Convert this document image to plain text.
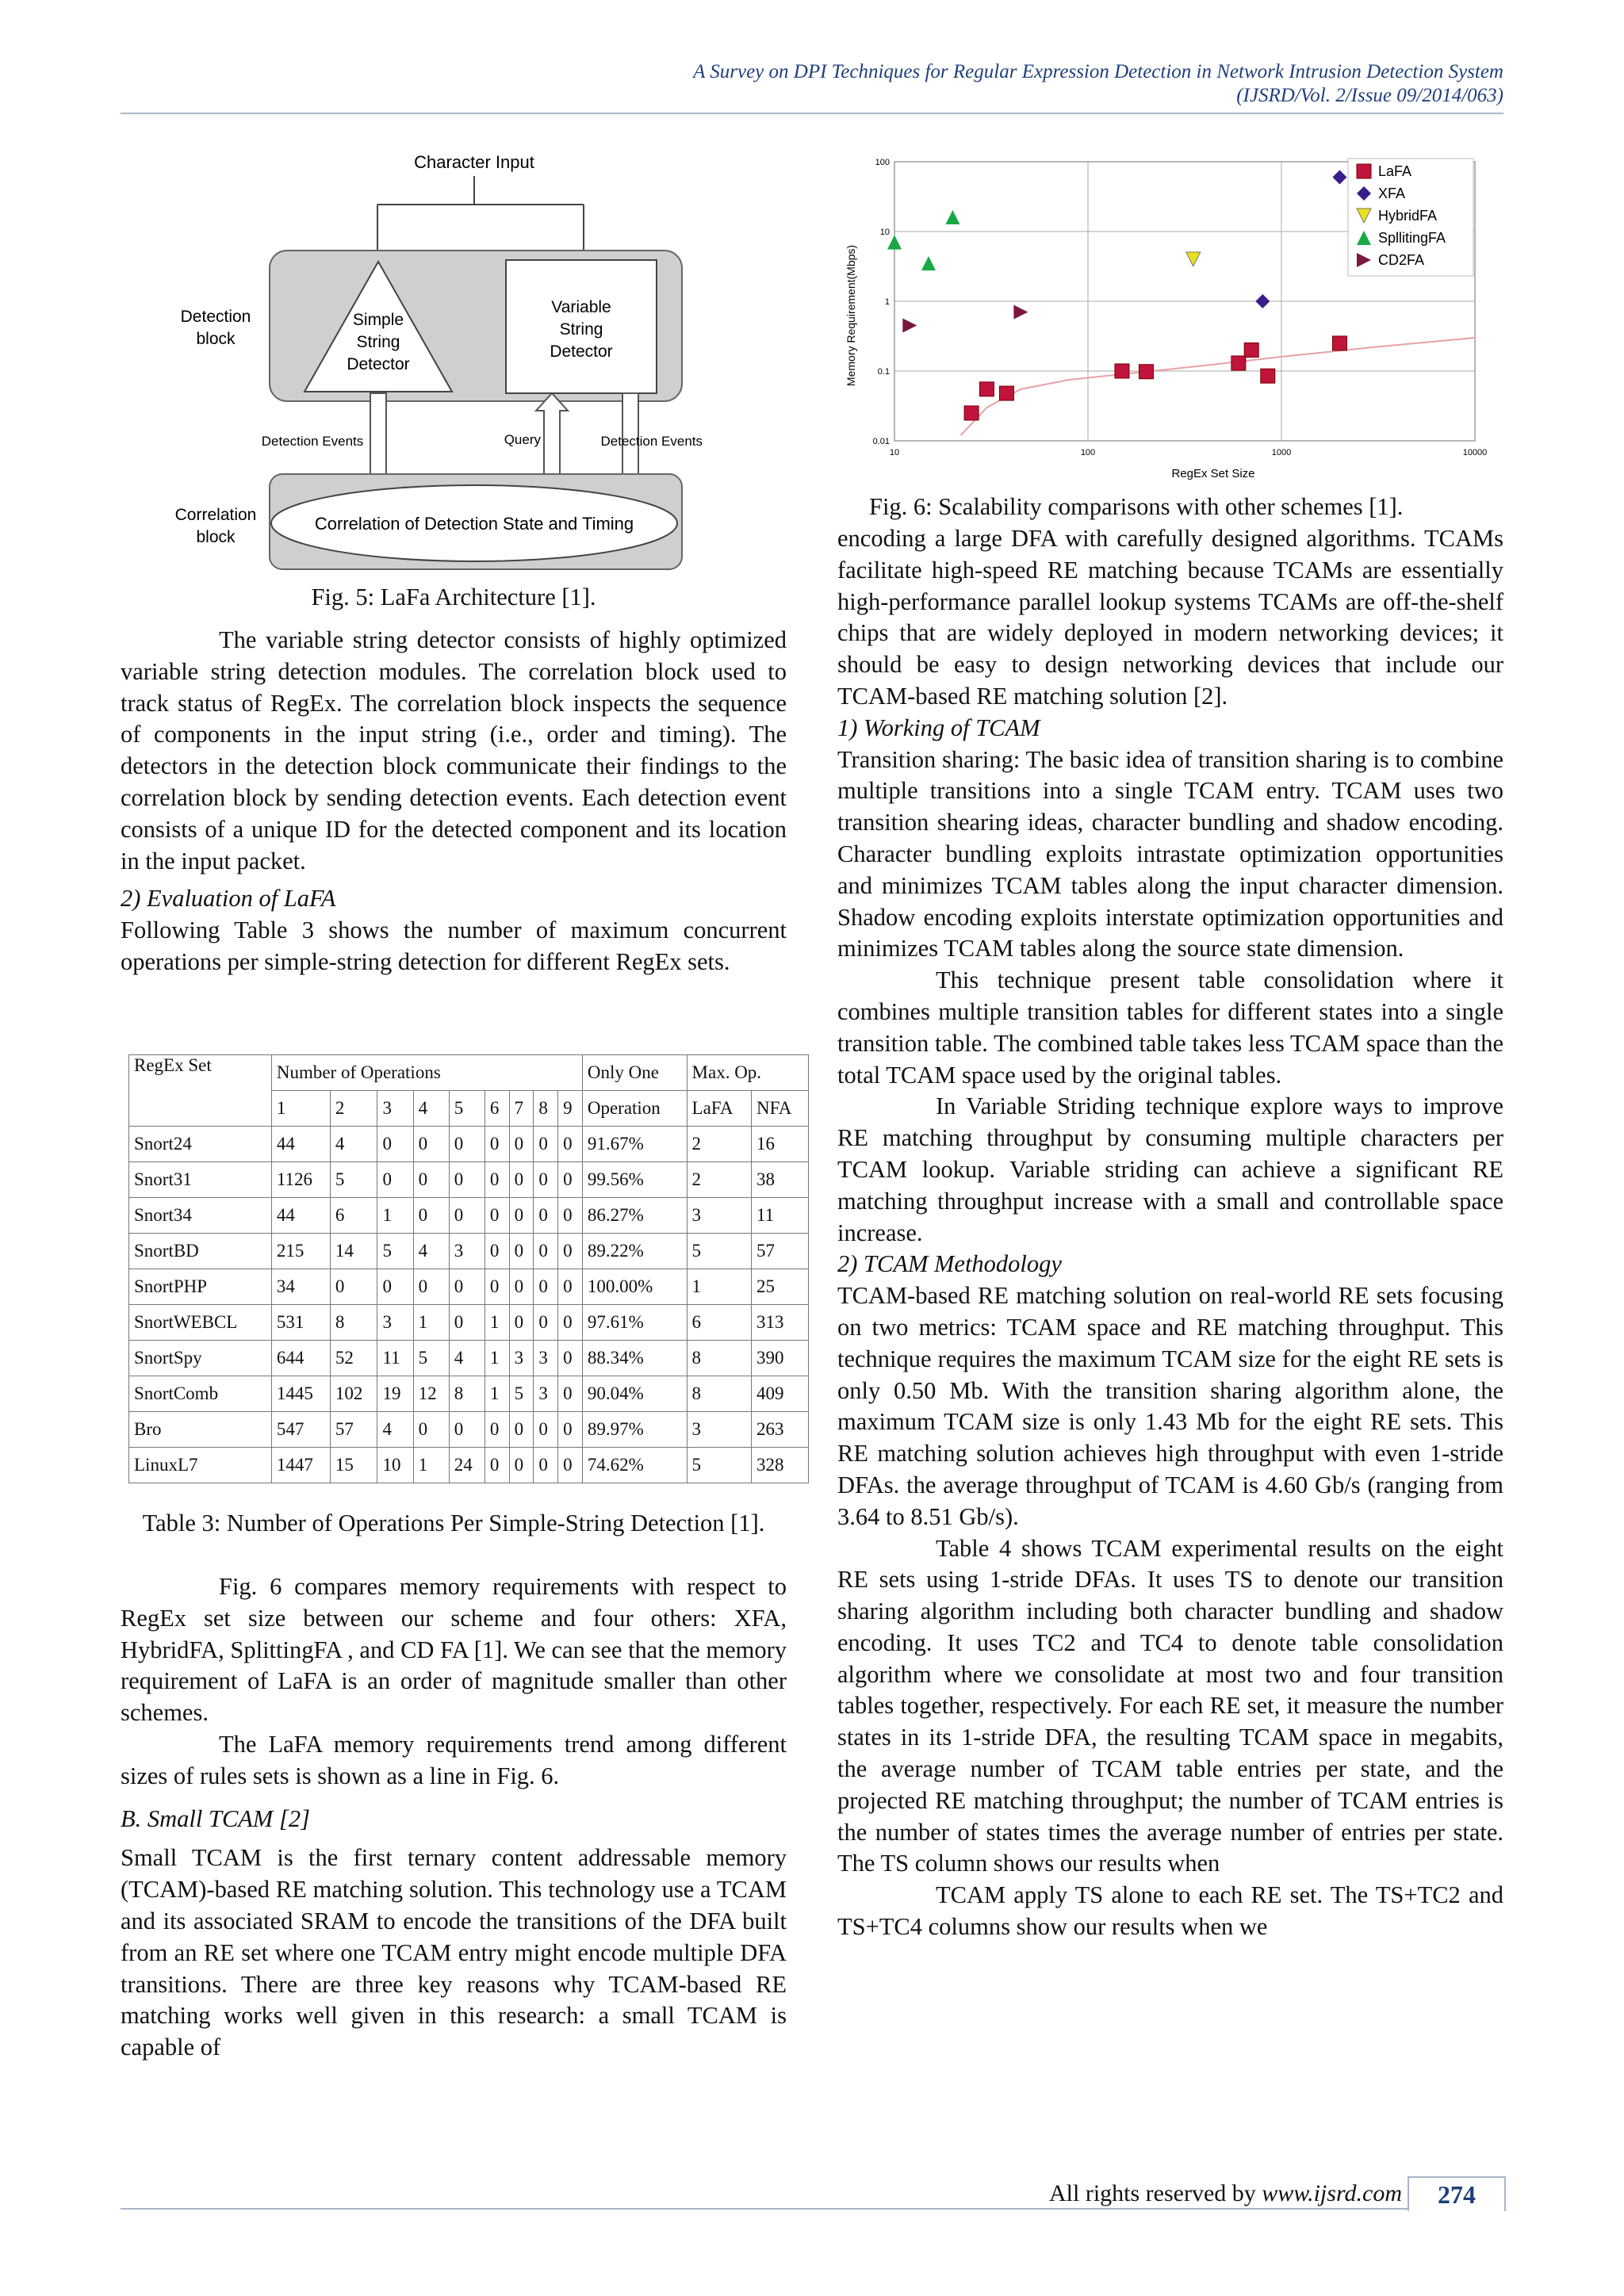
A Survey on DPI Techniques for Regular Expression Detection in Network Intrusion Detection System
(IJSRD/Vol. 2/Issue 09/2014/063)
Character Input
Simple
String
Detector
Variable
String
Detector
Detection
block
Detection Events	Query	Detection Events
Correlation of Detection State and Timing
Correlation
block
Fig. 5: LaFa Architecture [1].

The variable string detector consists of highly optimized variable string detection modules. The correlation block used to track status of RegEx. The correlation block inspects the sequence of components in the input string (i.e., order and timing). The detectors in the detection block communicate their findings to the correlation block by sending detection events. Each detection event consists of a unique ID for the detected component and its location in the input packet.

2) Evaluation of LaFA

Following Table 3 shows the number of maximum concurrent operations per simple-string detection for different RegEx sets.

RegEx Set	Number of Operations									Only One	Max. Op.	
	1	2	3	4	5	6	7	8	9	Operation	LaFA	NFA
Snort24	44	4	0	0	0	0	0	0	0	91.67%	2	16
Snort31	1126	5	0	0	0	0	0	0	0	99.56%	2	38
Snort34	44	6	1	0	0	0	0	0	0	86.27%	3	11
SnortBD	215	14	5	4	3	0	0	0	0	89.22%	5	57
SnortPHP	34	0	0	0	0	0	0	0	0	100.00%	1	25
SnortWEBCL	531	8	3	1	0	1	0	0	0	97.61%	6	313
SnortSpy	644	52	11	5	4	1	3	3	0	88.34%	8	390
SnortComb	1445	102	19	12	8	1	5	3	0	90.04%	8	409
Bro	547	57	4	0	0	0	0	0	0	89.97%	3	263
LinuxL7	1447	15	10	1	24	0	0	0	0	74.62%	5	328
Table 3: Number of Operations Per Simple-String Detection [1].

Fig. 6 compares memory requirements with respect to RegEx set size between our scheme and four others: XFA, HybridFA, SplittingFA , and CD FA [1]. We can see that the memory requirement of LaFA is an order of magnitude smaller than other schemes.

The LaFA memory requirements trend among different sizes of rules sets is shown as a line in Fig. 6.

B. Small TCAM [2]

Small TCAM is the first ternary content addressable memory (TCAM)-based RE matching solution. This technology use a TCAM and its associated SRAM to encode the transitions of the DFA built from an RE set where one TCAM entry might encode multiple DFA transitions. There are three key reasons why TCAM-based RE matching works well given in this research: a small TCAM is capable of

100
10
1
0.1
0.01
10	100	1000	10000
LaFA
XFA
HybridFA
SpllitingFA
CD2FA
RegEx Set Size
Memory Requirement(Mbps)
Fig. 6: Scalability comparisons with other schemes [1].

encoding a large DFA with carefully designed algorithms. TCAMs facilitate high-speed RE matching because TCAMs are essentially high-performance parallel lookup systems TCAMs are off-the-shelf chips that are widely deployed in modern networking devices; it should be easy to design networking devices that include our TCAM-based RE matching solution [2].

1) Working of TCAM

Transition sharing: The basic idea of transition sharing is to combine multiple transitions into a single TCAM entry. TCAM uses two transition shearing ideas, character bundling and shadow encoding. Character bundling exploits intrastate optimization opportunities and minimizes TCAM tables along the input character dimension. Shadow encoding exploits interstate optimization opportunities and minimizes TCAM tables along the source state dimension.

This technique present table consolidation where it combines multiple transition tables for different states into a single transition table. The combined table takes less TCAM space than the total TCAM space used by the original tables.

In Variable Striding technique explore ways to improve RE matching throughput by consuming multiple characters per TCAM lookup. Variable striding can achieve a significant RE matching throughput increase with a small and controllable space increase.

2) TCAM Methodology

TCAM-based RE matching solution on real-world RE sets focusing on two metrics: TCAM space and RE matching throughput. This technique requires the maximum TCAM size for the eight RE sets is only 0.50 Mb. With the transition sharing algorithm alone, the maximum TCAM size is only 1.43 Mb for the eight RE sets. This RE matching solution achieves high throughput with even 1-stride DFAs. the average throughput of TCAM is 4.60 Gb/s (ranging from 3.64 to 8.51 Gb/s).

Table 4 shows TCAM experimental results on the eight RE sets using 1-stride DFAs. It uses TS to denote our transition sharing algorithm including both character bundling and shadow encoding. It uses TC2 and TC4 to denote table consolidation algorithm where we consolidate at most two and four transition tables together, respectively. For each RE set, it measure the number states in its 1-stride DFA, the resulting TCAM space in megabits, the average number of TCAM table entries per state, and the projected RE matching throughput; the number of TCAM entries is the number of states times the average number of entries per state. The TS column shows our results when

TCAM apply TS alone to each RE set. The TS+TC2 and TS+TC4 columns show our results when we

All rights reserved by www.ijsrd.com	274
